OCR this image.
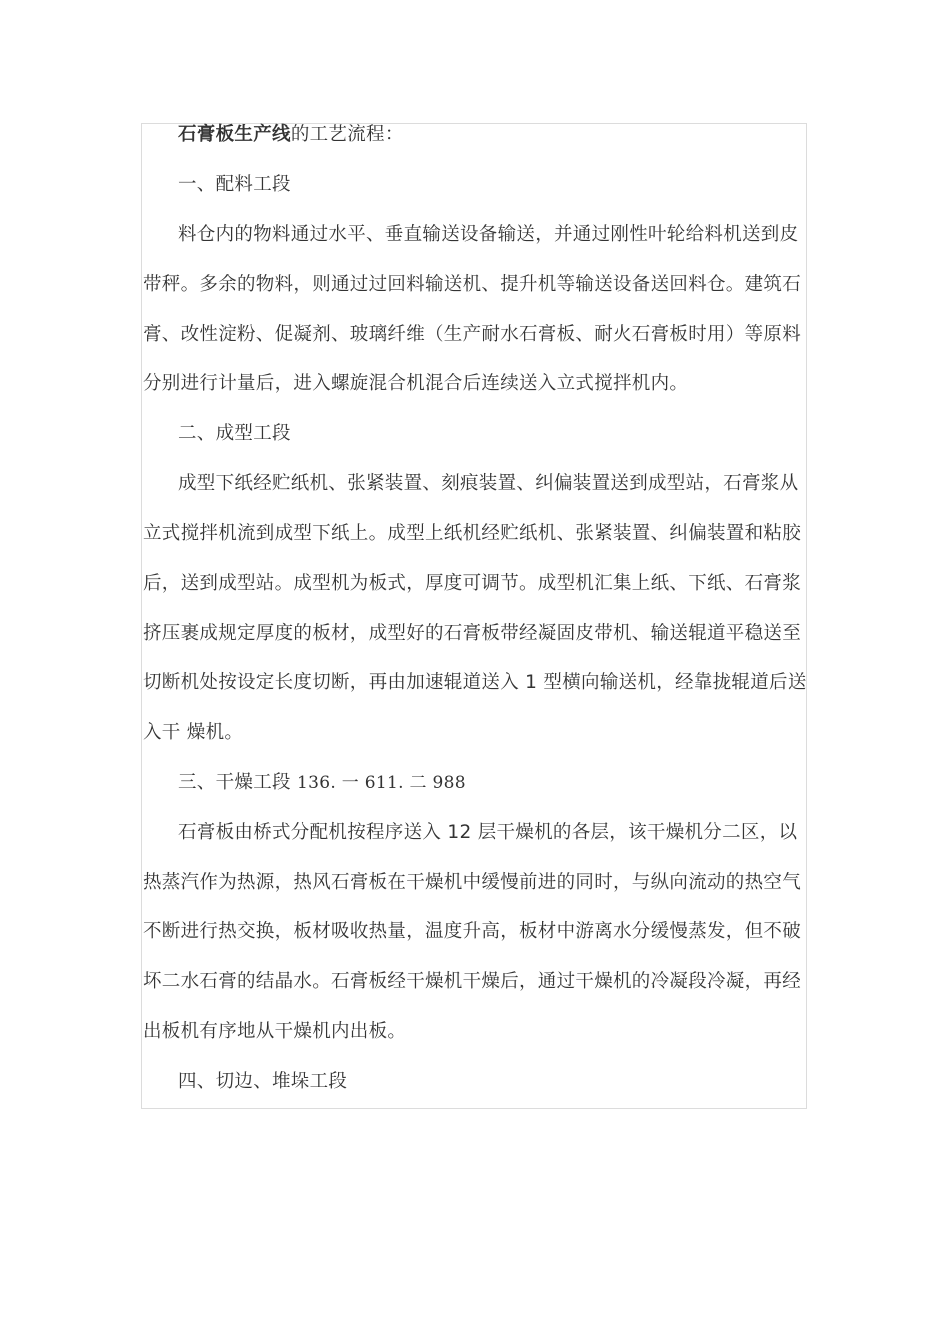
石膏板生产线的工艺流程：
一、配料工段
料仓内的物料通过水平、垂直输送设备输送，并通过刚性叶轮给料机送到皮
带秤。多余的物料，则通过过回料输送机、提升机等输送设备送回料仓。建筑石
膏、改性淀粉、促凝剂、玻璃纤维（生产耐水石膏板、耐火石膏板时用）等原料
分别进行计量后，进入螺旋混合机混合后连续送入立式搅拌机内。
二、成型工段
成型下纸经贮纸机、张紧装置、刻痕装置、纠偏装置送到成型站，石膏浆从
立式搅拌机流到成型下纸上。成型上纸机经贮纸机、张紧装置、纠偏装置和粘胶
后，送到成型站。成型机为板式，厚度可调节。成型机汇集上纸、下纸、石膏浆
挤压裹成规定厚度的板材，成型好的石膏板带经凝固皮带机、输送辊道平稳送至
切断机处按设定长度切断，再由加速辊道送入 1 型横向输送机，经靠拢辊道后送
入干 燥机。
三、干燥工段 136. 一 611. 二 988
石膏板由桥式分配机按程序送入 12 层干燥机的各层，该干燥机分二区，以
热蒸汽作为热源，热风石膏板在干燥机中缓慢前进的同时，与纵向流动的热空气
不断进行热交换，板材吸收热量，温度升高，板材中游离水分缓慢蒸发，但不破
坏二水石膏的结晶水。石膏板经干燥机干燥后，通过干燥机的冷凝段冷凝，再经
出板机有序地从干燥机内出板。
四、切边、堆垛工段
